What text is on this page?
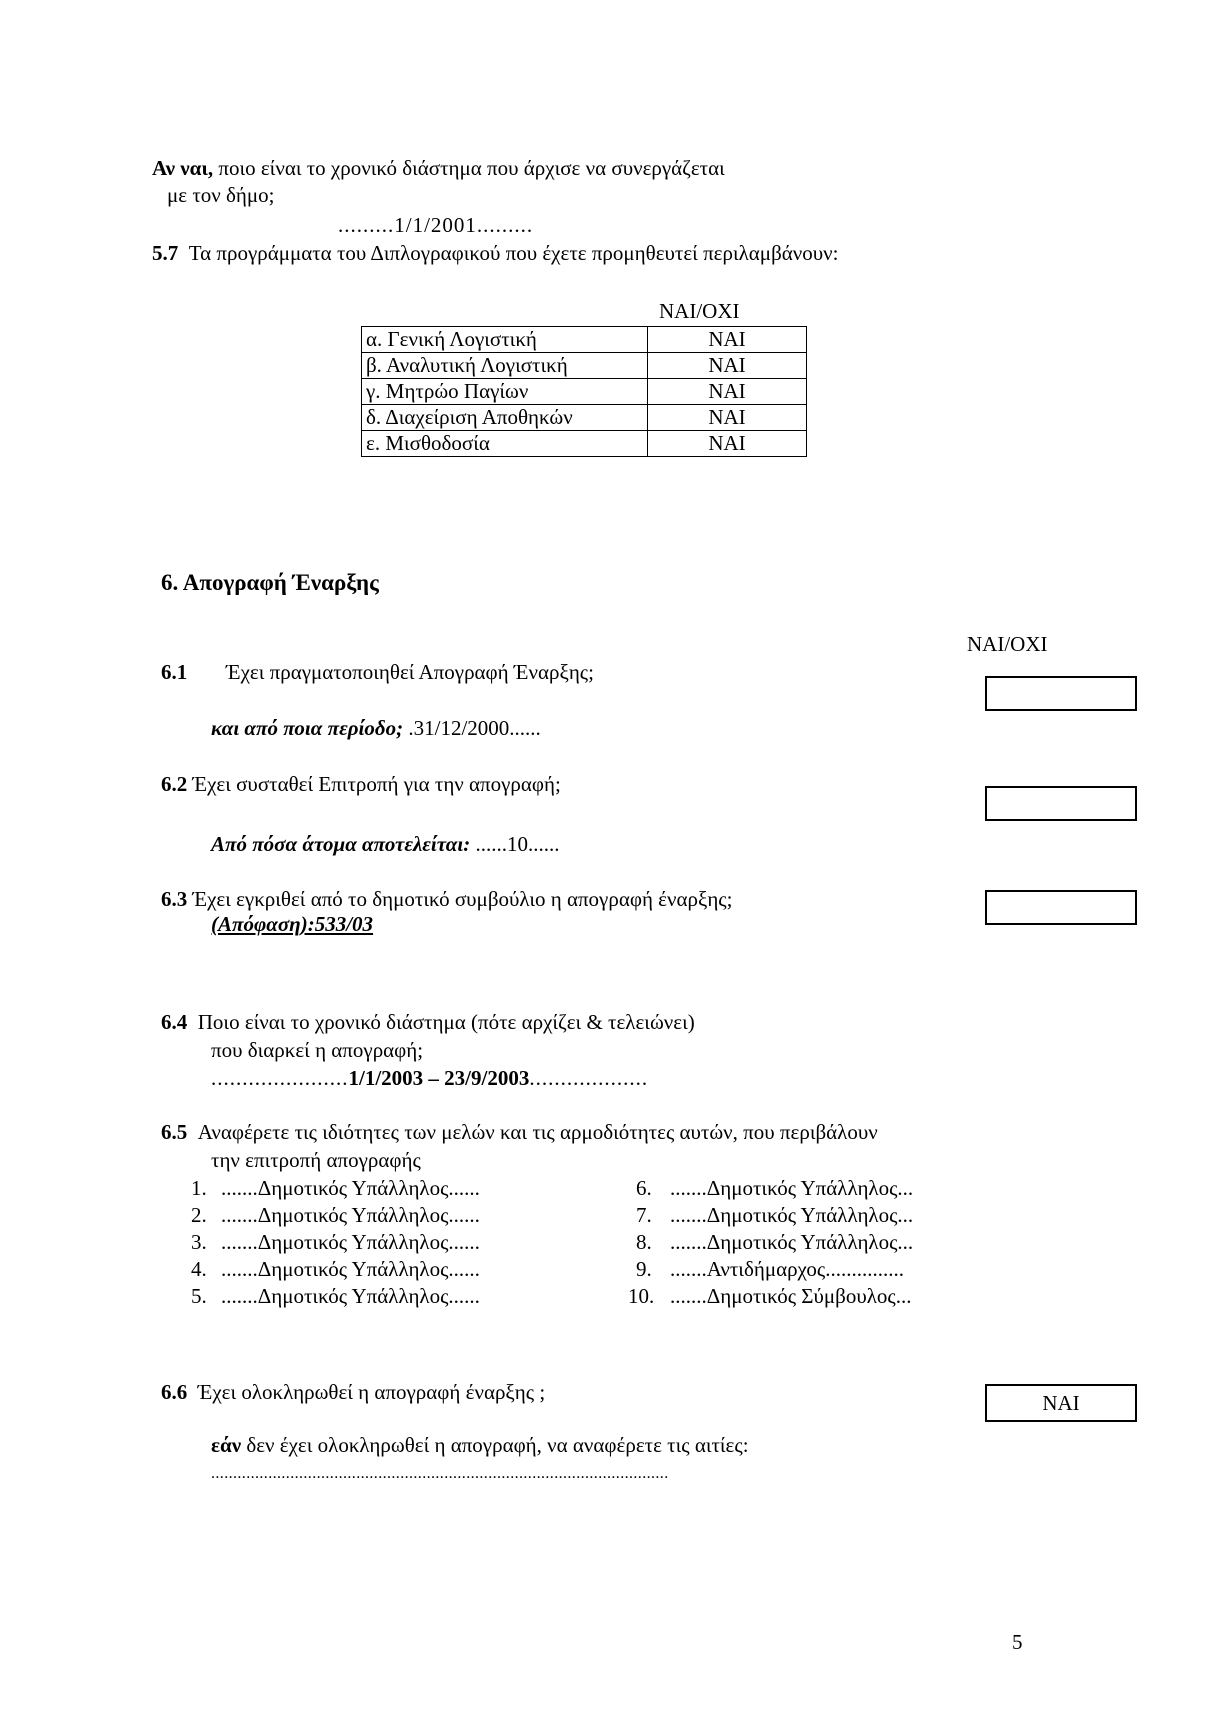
Αν ναι, ποιο είναι το χρονικό διάστημα που άρχισε να συνεργάζεται
με τον δήμο;
.........1/1/2001.........
5.7 Τα προγράμματα του Διπλογραφικού που έχετε προμηθευτεί περιλαμβάνουν:
ΝΑΙ/ΟΧΙ
α. Γενική Λογιστική	ΝΑΙ
β. Αναλυτική Λογιστική	ΝΑΙ
γ. Μητρώο Παγίων	ΝΑΙ
δ. Διαχείριση Αποθηκών	ΝΑΙ
ε. Μισθοδοσία	ΝΑΙ
6. Απογραφή Έναρξης
ΝΑΙ/ΟΧΙ
6.1 Έχει πραγματοποιηθεί Απογραφή Έναρξης;
και από ποια περίοδο; .31/12/2000......
6.2 Έχει συσταθεί Επιτροπή για την απογραφή;
Από πόσα άτομα αποτελείται: ......10......
6.3 Έχει εγκριθεί από το δημοτικό συμβούλιο η απογραφή έναρξης;
(Απόφαση):533/03
6.4 Ποιο είναι το χρονικό διάστημα (πότε αρχίζει & τελειώνει)
που διαρκεί η απογραφή;
......................1/1/2003 – 23/9/2003...................
6.5 Αναφέρετε τις ιδιότητες των μελών και τις αρμοδιότητες αυτών, που περιβάλουν
την επιτροπή απογραφής
1. .......Δημοτικός Υπάλληλος......
2. .......Δημοτικός Υπάλληλος......
3. .......Δημοτικός Υπάλληλος......
4. .......Δημοτικός Υπάλληλος......
5. .......Δημοτικός Υπάλληλος......
6. .......Δημοτικός Υπάλληλος...
7. .......Δημοτικός Υπάλληλος...
8. .......Δημοτικός Υπάλληλος...
9. .......Αντιδήμαρχος...............
10. .......Δημοτικός Σύμβουλος...
6.6 Έχει ολοκληρωθεί η απογραφή έναρξης ;	ΝΑΙ
εάν δεν έχει ολοκληρωθεί η απογραφή, να αναφέρετε τις αιτίες:
........................................................................................................
5
